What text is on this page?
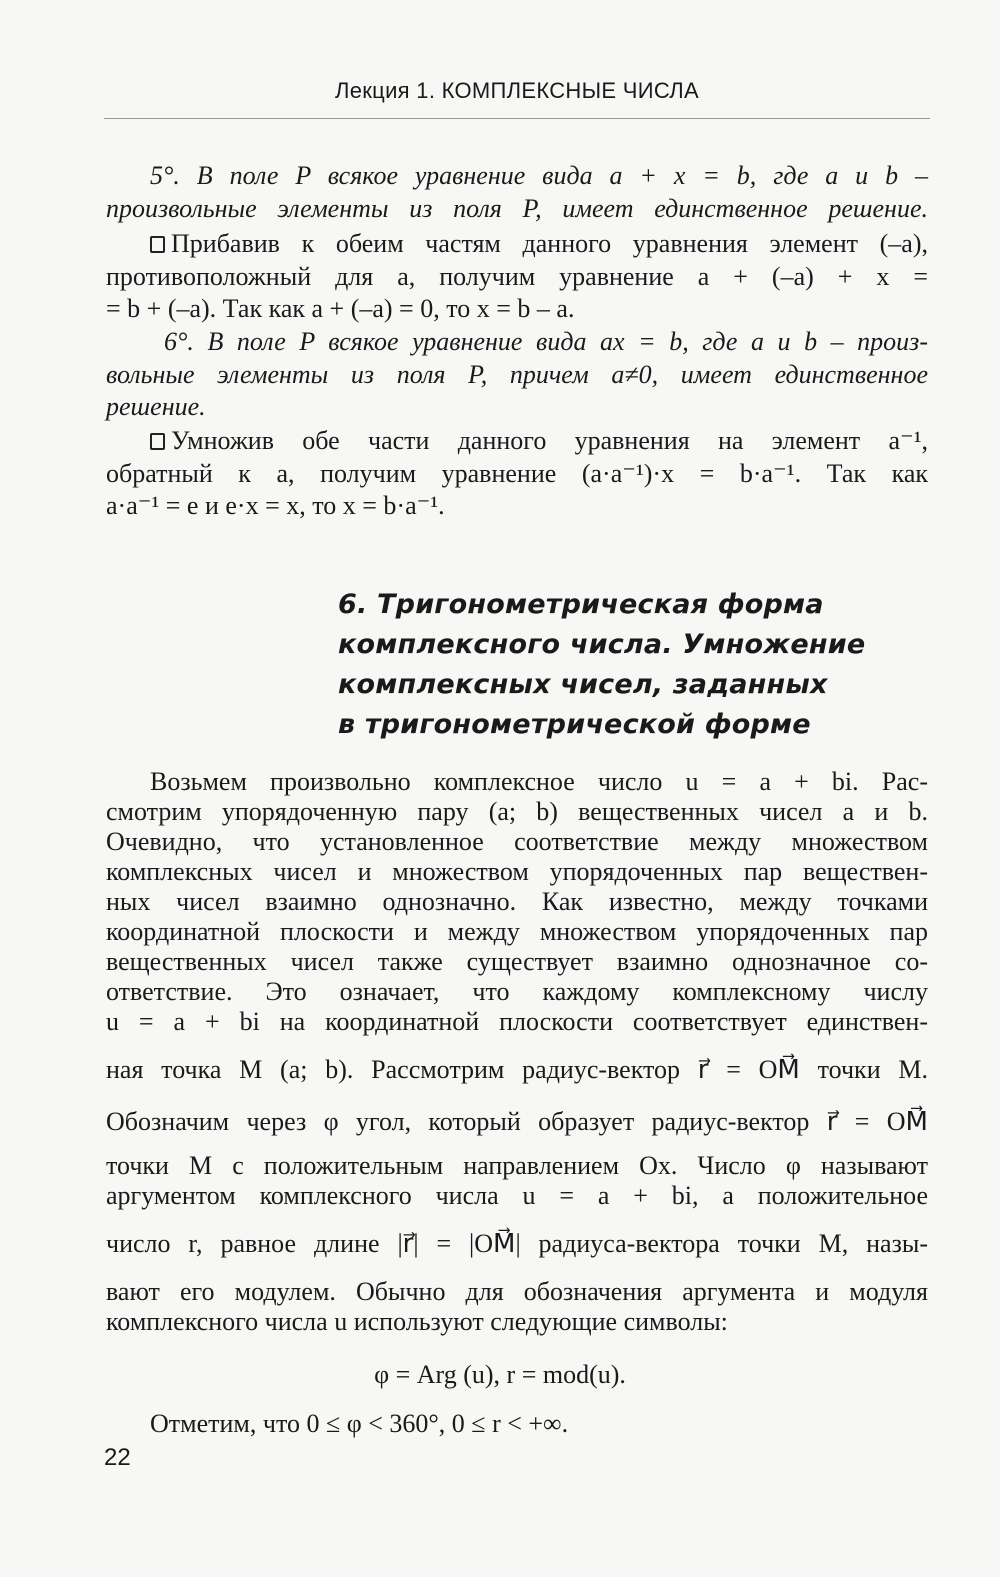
Лекция 1. КОМПЛЕКСНЫЕ ЧИСЛА
5°. В поле P всякое уравнение вида a + x = b, где a и b –
произвольные элементы из поля P, имеет единственное решение.
Прибавив к обеим частям данного уравнения элемент (–a),
противоположный для a, получим уравнение a + (–a) + x =
= b + (–a). Так как a + (–a) = 0, то x = b – a.
6°. В поле P всякое уравнение вида ax = b, где a и b – произ-
вольные элементы из поля P, причем a≠0, имеет единственное
решение.
Умножив обе части данного уравнения на элемент a⁻¹,
обратный к a, получим уравнение (a·a⁻¹)·x = b·a⁻¹. Так как
a·a⁻¹ = e и e·x = x, то x = b·a⁻¹.
6. Тригонометрическая форма
комплексного числа. Умножение
комплексных чисел, заданных
в тригонометрической форме
Возьмем произвольно комплексное число u = a + bi. Рас-
смотрим упорядоченную пару (a; b) вещественных чисел a и b.
Очевидно, что установленное соответствие между множеством
комплексных чисел и множеством упорядоченных пар веществен-
ных чисел взаимно однозначно. Как известно, между точками
координатной плоскости и между множеством упорядоченных пар
вещественных чисел также существует взаимно однозначное со-
ответствие. Это означает, что каждому комплексному числу
u = a + bi на координатной плоскости соответствует единствен-
ная точка M (a; b). Рассмотрим радиус-вектор r⃗ = OM⃗ точки M.
Обозначим через φ угол, который образует радиус-вектор r⃗ = OM⃗
точки M с положительным направлением Ox. Число φ называют
аргументом комплексного числа u = a + bi, а положительное
число r, равное длине |r⃗| = |OM⃗| радиуса-вектора точки M, назы-
вают его модулем. Обычно для обозначения аргумента и модуля
комплексного числа u используют следующие символы:
φ = Arg (u), r = mod(u).
Отметим, что 0 ≤ φ < 360°, 0 ≤ r < +∞.
22
